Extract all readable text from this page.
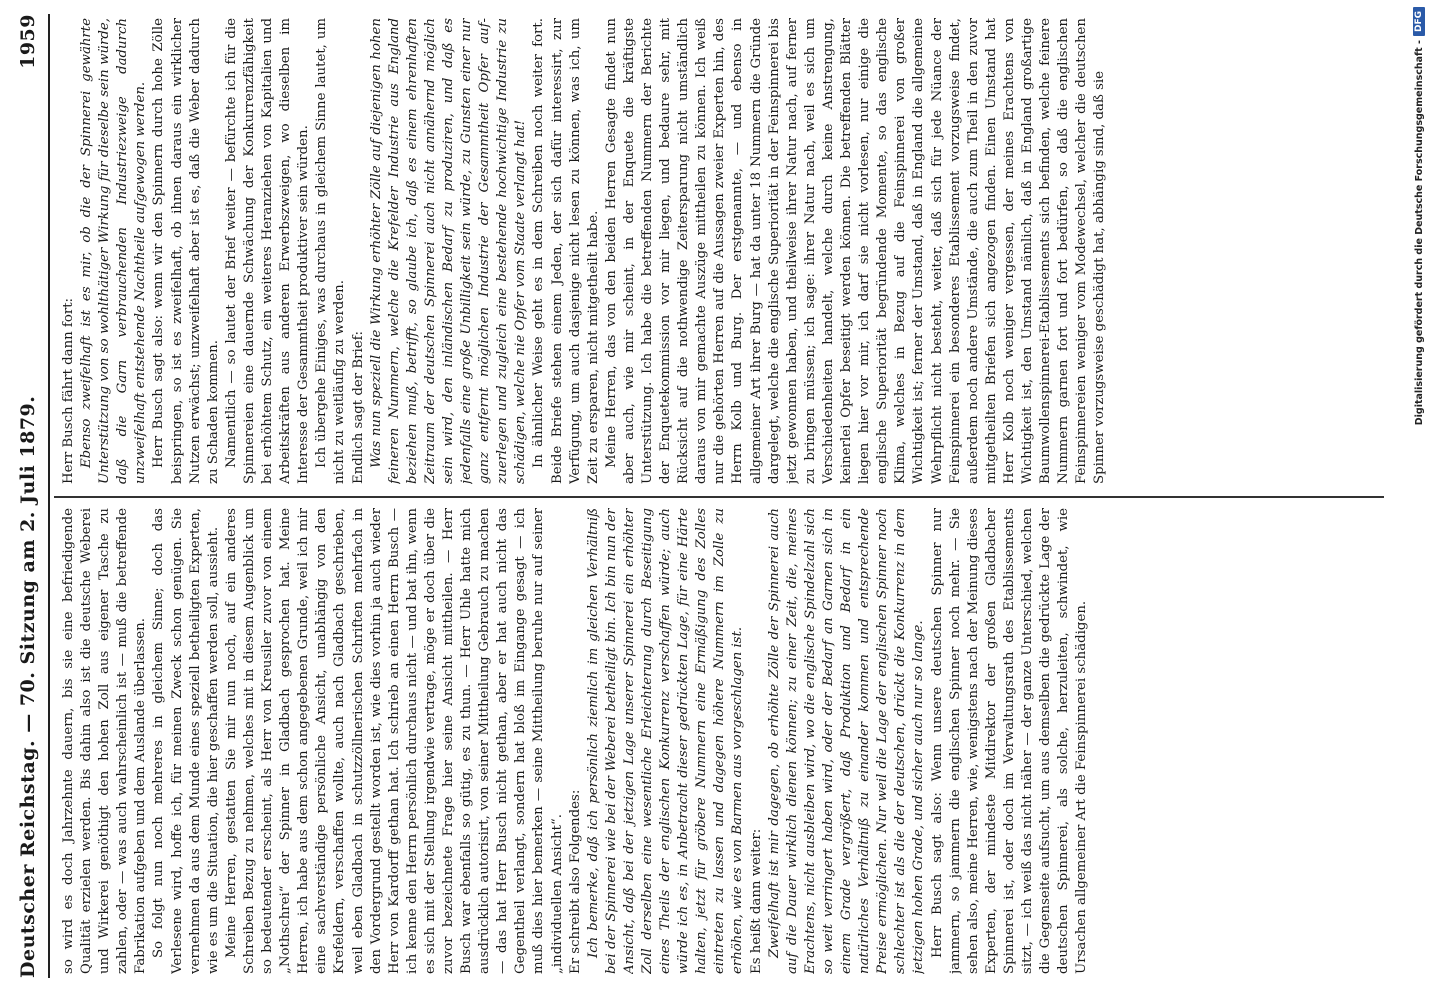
Deutscher Reichstag. — 70. Sitzung am 2. Juli 1879.
1959

so wird es doch Jahrzehnte dauern, bis sie eine befriedigende Qualität erzielen werden. Bis dahin also ist die deutsche Weberei und Wirkerei genöthigt den hohen Zoll aus eigener Tasche zu zahlen, oder — was auch wahrscheinlich ist — muß die betreffende Fabrikation aufgeben und dem Auslande überlassen. So folgt nun noch mehreres in gleichem Sinne; doch das Verlesene wird, hoffe ich, für meinen Zweck schon genügen. Sie vernehmen da aus dem Munde eines speziell betheiligten Experten, wie es um die Situation, die hier geschaffen werden soll, aussieht. Meine Herren, gestatten Sie mir nun noch, auf ein anderes Schreiben Bezug zu nehmen, welches mit in diesem Augenblick um so bedeutender erscheint, als Herr von Kreusiler zuvor von einem „Nothschrei“ der Spinner in Gladbach gesprochen hat. Meine Herren, ich habe aus dem schon angegebenen Grunde, weil ich mir eine sachverständige persönliche Ansicht, unabhängig von den Krefeldern, verschaffen wollte, auch nach Gladbach geschrieben, weil eben Gladbach in schutzzöllnerischen Schriften mehrfach in den Vordergrund gestellt worden ist, wie dies vorhin ja auch wieder Herr von Kardorff gethan hat. Ich schrieb an einen Herrn Busch — ich kenne den Herrn persönlich durchaus nicht — und bat ihn, wenn es sich mit der Stellung irgendwie vertrage, möge er doch über die zuvor bezeichnete Frage hier seine Ansicht mittheilen. — Herr Busch war ebenfalls so gütig, es zu thun. — Herr Uhle hatte mich ausdrücklich autorisirt, von seiner Mittheilung Gebrauch zu machen — das hat Herr Busch nicht gethan, aber er hat auch nicht das Gegentheil verlangt, sondern hat bloß im Eingange gesagt — ich muß dies hier bemerken — seine Mittheilung beruhe nur auf seiner „individuellen Ansicht“. Er schreibt also Folgendes: Ich bemerke, daß ich persönlich ziemlich im gleichen Verhältniß bei der Spinnerei wie bei der Weberei betheiligt bin. Ich bin nun der Ansicht, daß bei der jetzigen Lage unserer Spinnerei ein erhöhter Zoll derselben eine wesentliche Erleichterung durch Beseitigung eines Theils der englischen Konkurrenz verschaffen würde; auch würde ich es, in Anbetracht dieser gedrückten Lage, für eine Härte halten, jetzt für gröbere Nummern eine Ermäßigung des Zolles eintreten zu lassen und dagegen höhere Nummern im Zolle zu erhöhen, wie es von Barmen aus vorgeschlagen ist. Es heißt dann weiter: Zweifelhaft ist mir dagegen, ob erhöhte Zölle der Spinnerei auch auf die Dauer wirklich dienen können; zu einer Zeit, die, meines Erachtens, nicht ausbleiben wird, wo die englische Spindelzahl sich so weit verringert haben wird, oder der Bedarf an Garnen sich in einem Grade vergrößert, daß Produktion und Bedarf in ein natürliches Verhältniß zu einander kommen und entsprechende Preise ermöglichen. Nur weil die Lage der englischen Spinner noch schlechter ist als die der deutschen, drückt die Konkurrenz in dem jetzigen hohen Grade, und sicher auch nur so lange. Herr Busch sagt also: Wenn unsere deutschen Spinner nur jammern, so jammern die englischen Spinner noch mehr. — Sie sehen also, meine Herren, wie, wenigstens nach der Meinung dieses Experten, der mindeste Mitdirektor der großen Gladbacher Spinnerei ist, oder doch im Verwaltungsrath des Etablissements sitzt, — ich weiß das nicht näher — der ganze Unterschied, welchen die Gegenseite aufsucht, um aus demselben die gedrückte Lage der deutschen Spinnerei, als solche, herzuleiten, schwindet, wie Ursachen allgemeiner Art die Feinspinnerei schädigen.

Herr Busch fährt dann fort: Ebenso zweifelhaft ist es mir, ob die der Spinnerei gewährte Unterstützung von so wohlthätiger Wirkung für dieselbe sein würde, daß die Garn verbrauchenden Industriezweige dadurch unzweifelhaft entstehende Nachtheile aufgewogen werden. Herr Busch sagt also: wenn wir den Spinnern durch hohe Zölle beispringen, so ist es zweifelhaft, ob ihnen daraus ein wirklicher Nutzen erwächst; unzweifelhaft aber ist es, daß die Weber dadurch zu Schaden kommen. Namentlich — so lautet der Brief weiter — befürchte ich für die Spinnereien eine dauernde Schwächung der Konkurrenzfähigkeit bei erhöhtem Schutz, ein weiteres Heranziehen von Kapitalien und Arbeitskräften aus anderen Erwerbszweigen, wo dieselben im Interesse der Gesammtheit produktiver sein würden. Ich übergehe Einiges, was durchaus in gleichem Sinne lautet, um nicht zu weitläufig zu werden. Endlich sagt der Brief: Was nun speziell die Wirkung erhöhter Zölle auf diejenigen hohen feineren Nummern, welche die Krefelder Industrie aus England beziehen muß, betrifft, so glaube ich, daß es einem ehrenhaften Zeitraum der deutschen Spinnerei auch nicht annähernd möglich sein wird, den inländischen Bedarf zu produziren, und daß es jedenfalls eine große Unbilligkeit sein würde, zu Gunsten einer nur ganz entfernt möglichen Industrie der Gesammtheit Opfer aufzuerlegen und zugleich eine bestehende hochwichtige Industrie zu schädigen, welche nie Opfer vom Staate verlangt hat! In ähnlicher Weise geht es in dem Schreiben noch weiter fort. Beide Briefe stehen einem Jeden, der sich dafür interessirt, zur Verfügung, um auch dasjenige nicht lesen zu können, was ich, um Zeit zu ersparen, nicht mitgetheilt habe. Meine Herren, das von den beiden Herren Gesagte findet nun aber auch, wie mir scheint, in der Enquete die kräftigste Unterstützung. Ich habe die betreffenden Nummern der Berichte der Enquetekommission vor mir liegen, und bedaure sehr, mit Rücksicht auf die nothwendige Zeitersparung nicht umständlich daraus von mir gemachte Auszüge mittheilen zu können. Ich weiß nur die gehörten Herren auf die Aussagen zweier Experten hin, des Herrn Kolb und Burg. Der erstgenannte, — und ebenso in allgemeiner Art ihrer Burg — hat da unter 18 Nummern die Gründe dargelegt, welche die englische Superiorität in der Feinspinnerei bis jetzt gewonnen haben, und theilweise ihrer Natur nach, auf ferner zu bringen müssen; ich sage: ihrer Natur nach, weil es sich um Verschiedenheiten handelt, welche durch keine Anstrengung, keinerlei Opfer beseitigt werden können. Die betreffenden Blätter liegen hier vor mir, ich darf sie nicht vorlesen, nur einige die englische Superiorität begründende Momente, so das englische Klima, welches in Bezug auf die Feinspinnerei von großer Wichtigkeit ist; ferner der Umstand, daß in England die allgemeine Wehrpflicht nicht besteht, weiter, daß sich für jede Nüance der Feinspinnerei ein besonderes Etablissement vorzugsweise findet, außerdem noch andere Umstände, die auch zum Theil in den zuvor mitgetheilten Briefen sich angezogen finden. Einen Umstand hat Herr Kolb noch weniger vergessen, der meines Erachtens von Wichtigkeit ist, den Umstand nämlich, daß in England großartige Baumwollenspinnerei-Etablissements sich befinden, welche feinere Nummern garnen fort und fort bedürfen, so daß die englischen Feinspinnereien weniger vom Modewechsel, welcher die deutschen Spinner vorzugsweise geschädigt hat, abhängig sind, daß sie	Digitalisierung gefördert durch die Deutsche Forschungsgemeinschaft -
DFG
